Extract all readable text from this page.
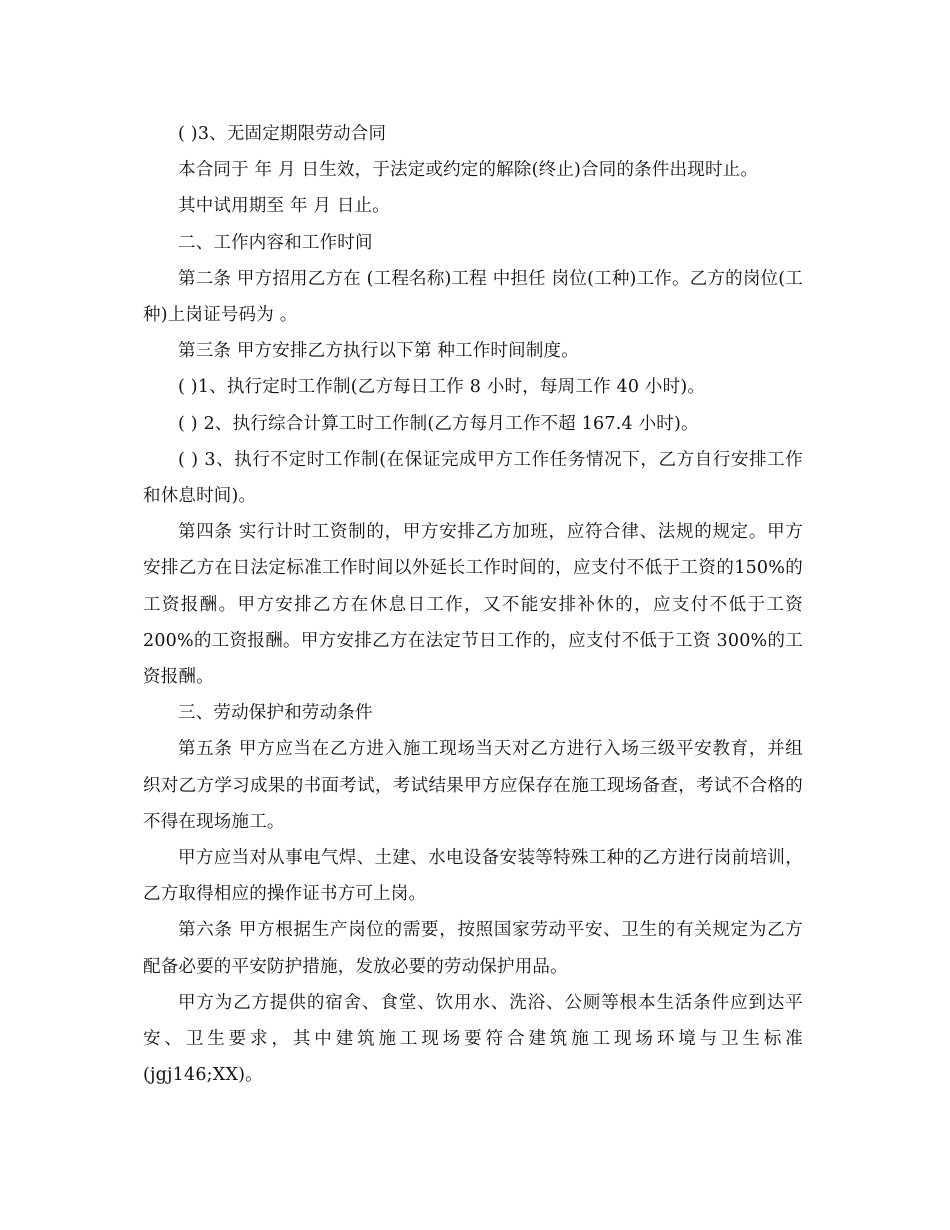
( )3、无固定期限劳动合同

本合同于 年 月 日生效，于法定或约定的解除(终止)合同的条件出现时止。

其中试用期至 年 月 日止。

二、工作内容和工作时间

第二条 甲方招用乙方在 (工程名称)工程 中担任 岗位(工种)工作。乙方的岗位(工种)上岗证号码为 。

第三条 甲方安排乙方执行以下第 种工作时间制度。

( )1、执行定时工作制(乙方每日工作 8 小时，每周工作 40 小时)。

( ) 2、执行综合计算工时工作制(乙方每月工作不超 167.4 小时)。

( ) 3、执行不定时工作制(在保证完成甲方工作任务情况下，乙方自行安排工作和休息时间)。

第四条 实行计时工资制的，甲方安排乙方加班，应符合律、法规的规定。甲方安排乙方在日法定标准工作时间以外延长工作时间的，应支付不低于工资的150%的工资报酬。甲方安排乙方在休息日工作，又不能安排补休的，应支付不低于工资 200%的工资报酬。甲方安排乙方在法定节日工作的，应支付不低于工资 300%的工资报酬。

三、劳动保护和劳动条件

第五条 甲方应当在乙方进入施工现场当天对乙方进行入场三级平安教育，并组织对乙方学习成果的书面考试，考试结果甲方应保存在施工现场备查，考试不合格的不得在现场施工。

甲方应当对从事电气焊、土建、水电设备安装等特殊工种的乙方进行岗前培训，乙方取得相应的操作证书方可上岗。

第六条 甲方根据生产岗位的需要，按照国家劳动平安、卫生的有关规定为乙方配备必要的平安防护措施，发放必要的劳动保护用品。

甲方为乙方提供的宿舍、食堂、饮用水、洗浴、公厕等根本生活条件应到达平安、卫生要求，其中建筑施工现场要符合建筑施工现场环境与卫生标准(jgj146;XX)。
